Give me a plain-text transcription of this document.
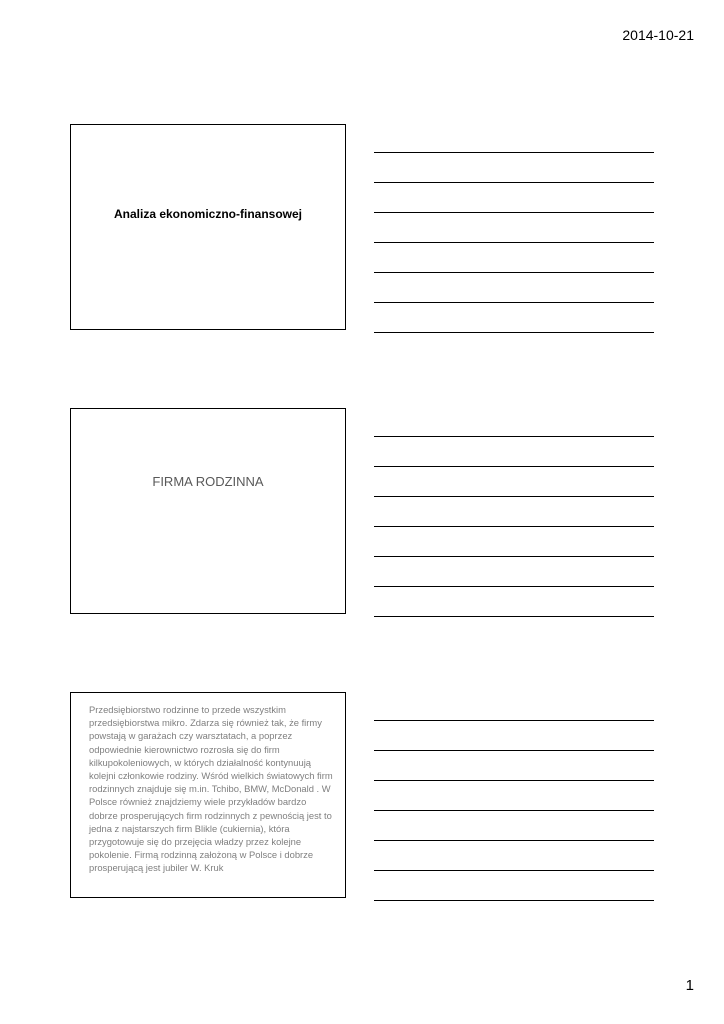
2014-10-21
Analiza ekonomiczno-finansowej
FIRMA RODZINNA
Przedsiębiorstwo rodzinne to przede wszystkim przedsiębiorstwa mikro. Zdarza się również tak, że firmy powstają w garażach czy warsztatach, a poprzez odpowiednie kierownictwo rozrosła się do firm kilkupokoleniowych, w których działalność kontynuują kolejni członkowie rodziny. Wśród wielkich światowych firm rodzinnych znajduje się m.in. Tchibo, BMW, McDonald . W Polsce również znajdziemy wiele przykładów bardzo dobrze prosperujących firm rodzinnych z pewnością jest to jedna z najstarszych firm Blikle (cukiernia), która przygotowuje się do przejęcia władzy przez kolejne pokolenie. Firmą rodzinną założoną w Polsce i dobrze prosperującą jest jubiler W. Kruk
1
